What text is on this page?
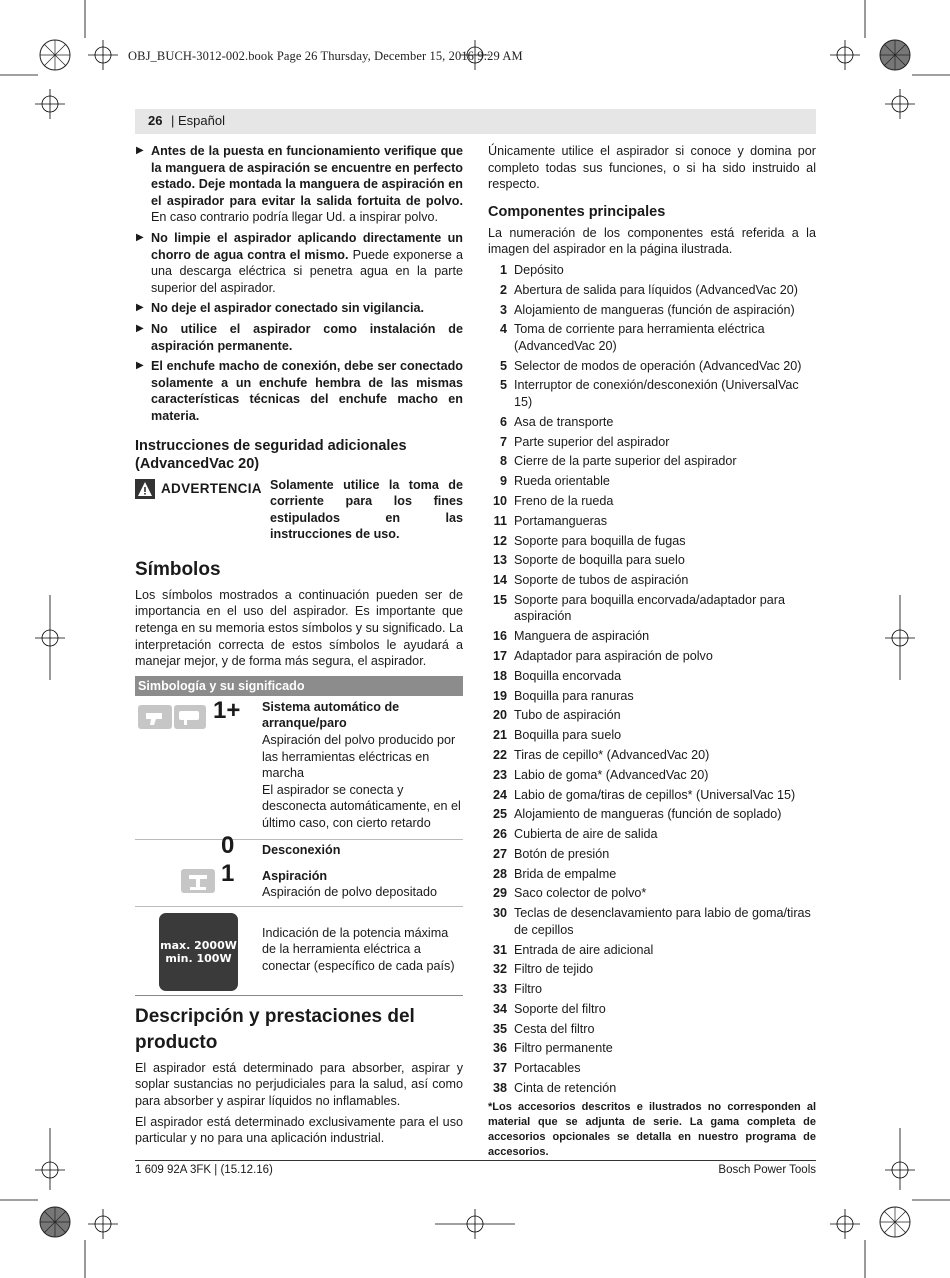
OBJ_BUCH-3012-002.book Page 26 Thursday, December 15, 2016 9:29 AM
26 | Español
▶ Antes de la puesta en funcionamiento verifique que la manguera de aspiración se encuentre en perfecto estado. Deje montada la manguera de aspiración en el aspirador para evitar la salida fortuita de polvo. En caso contrario podría llegar Ud. a inspirar polvo.
▶ No limpie el aspirador aplicando directamente un chorro de agua contra el mismo. Puede exponerse a una descarga eléctrica si penetra agua en la parte superior del aspirador.
▶ No deje el aspirador conectado sin vigilancia.
▶ No utilice el aspirador como instalación de aspiración permanente.
▶ El enchufe macho de conexión, debe ser conectado solamente a un enchufe hembra de las mismas características técnicas del enchufe macho en materia.
Instrucciones de seguridad adicionales (AdvancedVac 20)
ADVERTENCIA Solamente utilice la toma de corriente para los fines estipulados en las instrucciones de uso.
Símbolos

Los símbolos mostrados a continuación pueden ser de importancia en el uso del aspirador. Es importante que retenga en su memoria estos símbolos y su significado. La interpretación correcta de estos símbolos le ayudará a manejar mejor, y de forma más segura, el aspirador.

Simbología y su significado
1+ Sistema automático de arranque/paro
Aspiración del polvo producido por las herramientas eléctricas en marcha
El aspirador se conecta y desconecta automáticamente, en el último caso, con cierto retardo
0	Desconexión
1 Aspiración
Aspiración de polvo depositado
max. 2000W
min. 100W
Indicación de la potencia máxima de la herramienta eléctrica a conectar (específico de cada país)
Descripción y prestaciones del producto

El aspirador está determinado para absorber, aspirar y soplar sustancias no perjudiciales para la salud, así como para absorber y aspirar líquidos no inflamables.

El aspirador está determinado exclusivamente para el uso particular y no para una aplicación industrial.

Únicamente utilice el aspirador si conoce y domina por completo todas sus funciones, o si ha sido instruido al respecto.

Componentes principales

La numeración de los componentes está referida a la imagen del aspirador en la página ilustrada.

1 Depósito
2 Abertura de salida para líquidos (AdvancedVac 20)
3 Alojamiento de mangueras (función de aspiración)
4 Toma de corriente para herramienta eléctrica (AdvancedVac 20)
5 Selector de modos de operación (AdvancedVac 20)
5 Interruptor de conexión/desconexión (UniversalVac 15)
6 Asa de transporte
7 Parte superior del aspirador
8 Cierre de la parte superior del aspirador
9 Rueda orientable
10 Freno de la rueda
11 Portamangueras
12 Soporte para boquilla de fugas
13 Soporte de boquilla para suelo
14 Soporte de tubos de aspiración
15 Soporte para boquilla encorvada/adaptador para aspiración
16 Manguera de aspiración
17 Adaptador para aspiración de polvo
18 Boquilla encorvada
19 Boquilla para ranuras
20 Tubo de aspiración
21 Boquilla para suelo
22 Tiras de cepillo* (AdvancedVac 20)
23 Labio de goma* (AdvancedVac 20)
24 Labio de goma/tiras de cepillos* (UniversalVac 15)
25 Alojamiento de mangueras (función de soplado)
26 Cubierta de aire de salida
27 Botón de presión
28 Brida de empalme
29 Saco colector de polvo*
30 Teclas de desenclavamiento para labio de goma/tiras de cepillos
31 Entrada de aire adicional
32 Filtro de tejido
33 Filtro
34 Soporte del filtro
35 Cesta del filtro
36 Filtro permanente
37 Portacables
38 Cinta de retención
*Los accesorios descritos e ilustrados no corresponden al material que se adjunta de serie. La gama completa de accesorios opcionales se detalla en nuestro programa de accesorios.
1 609 92A 3FK | (15.12.16)	Bosch Power Tools
